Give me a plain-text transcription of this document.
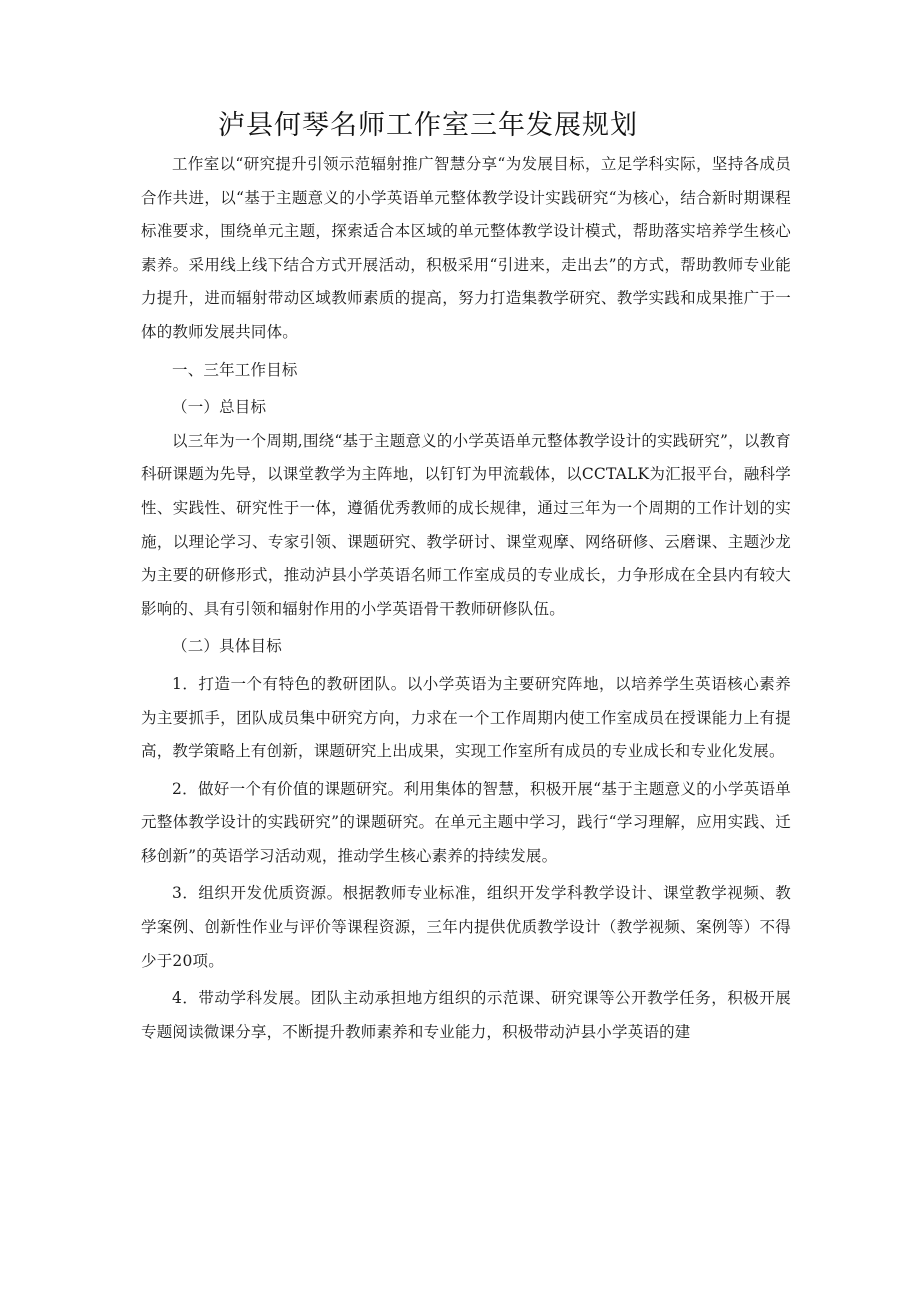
泸县何琴名师工作室三年发展规划

工作室以“研究提升引领示范辐射推广智慧分享“为发展目标，立足学科实际，坚持各成员合作共进，以“基于主题意义的小学英语单元整体教学设计实践研究“为核心，结合新时期课程标准要求，围绕单元主题，探索适合本区域的单元整体教学设计模式，帮助落实培养学生核心素养。采用线上线下结合方式开展活动，积极采用“引进来，走出去”的方式，帮助教师专业能力提升，进而辐射带动区域教师素质的提高，努力打造集教学研究、教学实践和成果推广于一体的教师发展共同体。

一、三年工作目标

（一）总目标

以三年为一个周期,围绕“基于主题意义的小学英语单元整体教学设计的实践研究”，以教育科研课题为先导，以课堂教学为主阵地，以钉钉为甲流载体，以CCTALK为汇报平台，融科学性、实践性、研究性于一体，遵循优秀教师的成长规律，通过三年为一个周期的工作计划的实施，以理论学习、专家引领、课题研究、教学研讨、课堂观摩、网络研修、云磨课、主题沙龙为主要的研修形式，推动泸县小学英语名师工作室成员的专业成长，力争形成在全县内有较大影响的、具有引领和辐射作用的小学英语骨干教师研修队伍。

（二）具体目标

1．打造一个有特色的教研团队。以小学英语为主要研究阵地，以培养学生英语核心素养为主要抓手，团队成员集中研究方向，力求在一个工作周期内使工作室成员在授课能力上有提高，教学策略上有创新，课题研究上出成果，实现工作室所有成员的专业成长和专业化发展。

2．做好一个有价值的课题研究。利用集体的智慧，积极开展“基于主题意义的小学英语单元整体教学设计的实践研究”的课题研究。在单元主题中学习，践行“学习理解，应用实践、迁移创新”的英语学习活动观，推动学生核心素养的持续发展。

3．组织开发优质资源。根据教师专业标准，组织开发学科教学设计、课堂教学视频、教学案例、创新性作业与评价等课程资源，三年内提供优质教学设计（教学视频、案例等）不得少于20项。

4．带动学科发展。团队主动承担地方组织的示范课、研究课等公开教学任务，积极开展专题阅读微课分享，不断提升教师素养和专业能力，积极带动泸县小学英语的建
